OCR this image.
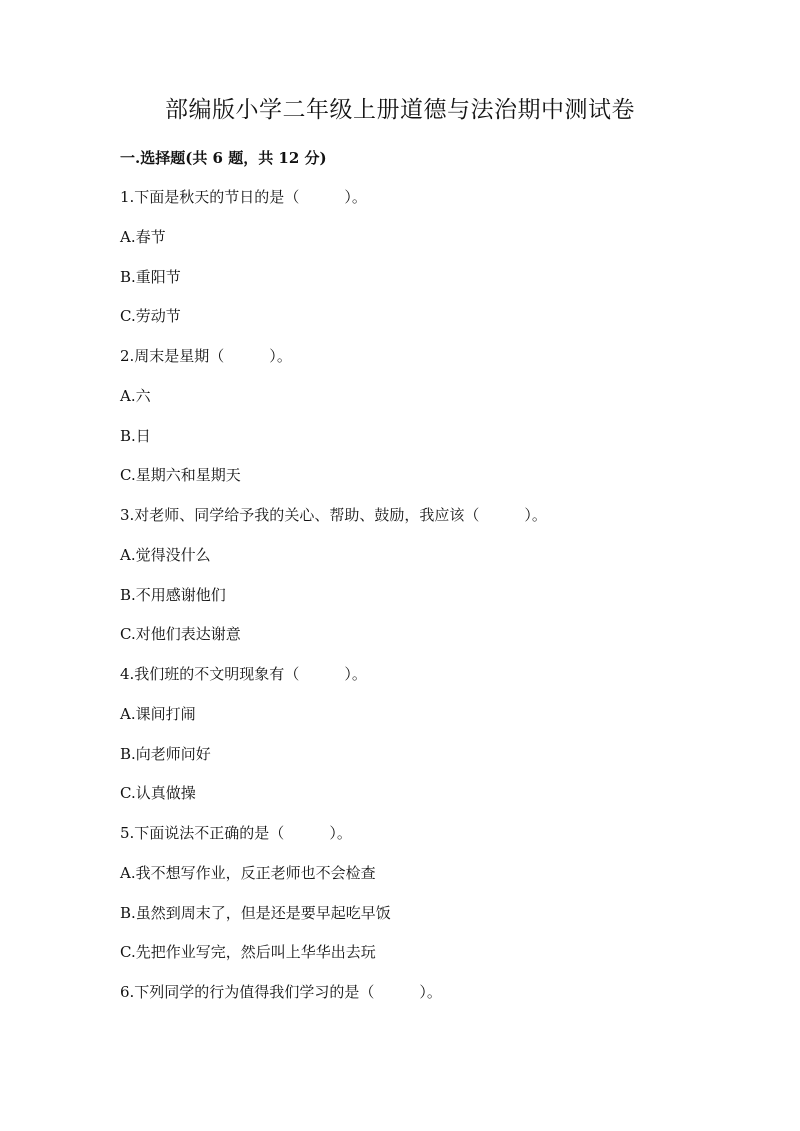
部编版小学二年级上册道德与法治期中测试卷
一.选择题(共 6 题，共 12 分)
1.下面是秋天的节日的是（　　　）。
A.春节
B.重阳节
C.劳动节
2.周末是星期（　　　）。
A.六
B.日
C.星期六和星期天
3.对老师、同学给予我的关心、帮助、鼓励，我应该（　　　）。
A.觉得没什么
B.不用感谢他们
C.对他们表达谢意
4.我们班的不文明现象有（　　　）。
A.课间打闹
B.向老师问好
C.认真做操
5.下面说法不正确的是（　　　）。
A.我不想写作业，反正老师也不会检查
B.虽然到周末了，但是还是要早起吃早饭
C.先把作业写完，然后叫上华华出去玩
6.下列同学的行为值得我们学习的是（　　　）。
